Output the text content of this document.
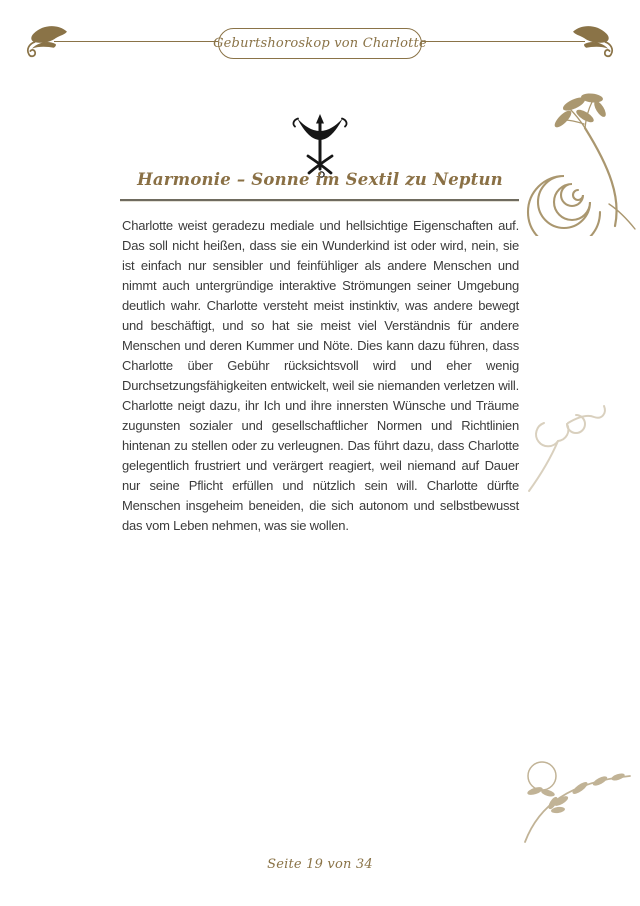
Geburtshoroskop von Charlotte
Harmonie – Sonne im Sextil zu Neptun
Charlotte weist geradezu mediale und hellsichtige Eigenschaften auf. Das soll nicht heißen, dass sie ein Wunderkind ist oder wird, nein, sie ist einfach nur sensibler und feinfühliger als andere Menschen und nimmt auch untergründige interaktive Strömungen seiner Umgebung deutlich wahr. Charlotte versteht meist instinktiv, was andere bewegt und beschäftigt, und so hat sie meist viel Verständnis für andere Menschen und deren Kummer und Nöte. Dies kann dazu führen, dass Charlotte über Gebühr rücksichtsvoll wird und eher wenig Durchsetzungsfähigkeiten entwickelt, weil sie niemanden verletzen will. Charlotte neigt dazu, ihr Ich und ihre innersten Wünsche und Träume zugunsten sozialer und gesellschaftlicher Normen und Richtlinien hintenan zu stellen oder zu verleugnen. Das führt dazu, dass Charlotte gelegentlich frustriert und verärgert reagiert, weil niemand auf Dauer nur seine Pflicht erfüllen und nützlich sein will. Charlotte dürfte Menschen insgeheim beneiden, die sich autonom und selbstbewusst das vom Leben nehmen, was sie wollen.
Seite 19 von 34
